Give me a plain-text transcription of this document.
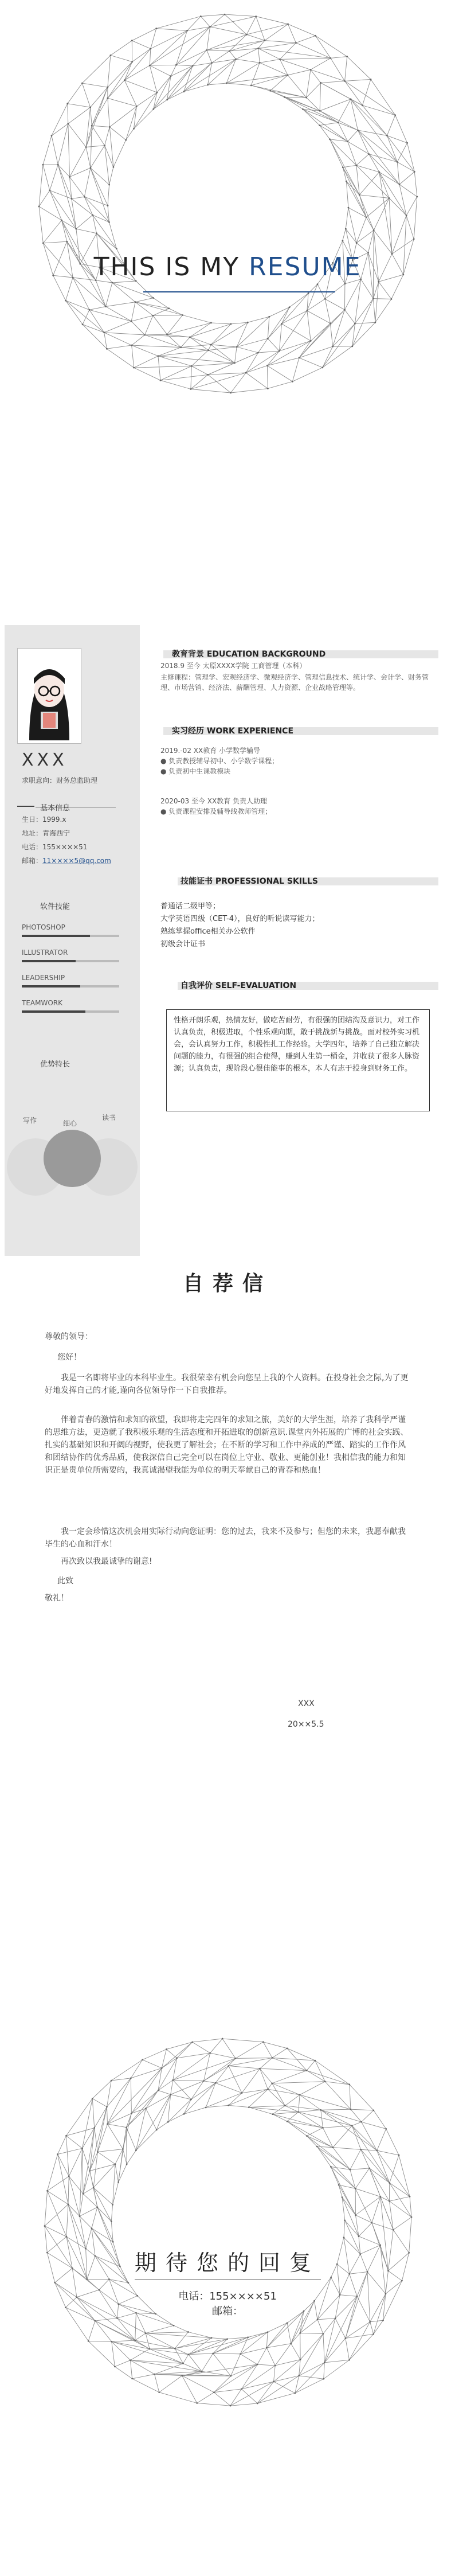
THIS IS MY RESUME
XXX
求职意向：财务总监助理
基本信息
生日：1999.x
地址：青海西宁
电话：155××××51
邮箱：11××××5@qq.com
软件技能
PHOTOSHOP
ILLUSTRATOR
LEADERSHIP
TEAMWORK
优势特长
写作	细心
读书
教育背景 EDUCATION BACKGROUND
2018.9 至今 太原XXXX学院 工商管理（本科）
主修课程：管理学、宏观经济学、微观经济学、管理信息技术、统计学、会计学、财务管理、市场营销、经济法、薪酬管理、人力资源、企业战略管理等。
实习经历 WORK EXPERIENCE
2019.-02 XX教育 小学数学辅导
● 负责教授辅导初中、小学数学课程；
● 负责初中生课教模块
2020-03 至今 XX教育 负责人助理
● 负责课程安排及辅导线教师管理；
技能证书 PROFESSIONAL SKILLS
普通话二级甲等；
大学英语四级（CET-4），良好的听说读写能力；
熟练掌握office相关办公软件
初级会计证书
自我评价 SELF-EVALUATION
性格开朗乐观，热情友好，做吃苦耐劳，有很强的团结沟及意识力，对工作认真负责，积极进取，个性乐观向期，敢于挑战新与挑战。面对校外实习机会，会认真努力工作，积极性扎工作经验。大学四年，培养了自己独立解决问题的能力，有很强的组合使得，赚到人生第一桶金，并收获了很多人脉资源；认真负责，现阶段心很佳能事的根本，本人有志于投身到财务工作。
自荐信
尊敬的领导：
您好！
我是一名即将毕业的本科毕业生。我很荣幸有机会向您呈上我的个人资料。在投身社会之际,为了更好地发挥自己的才能,谨向各位领导作一下自我推荐。
伴着青春的激情和求知的欲望，我即将走完四年的求知之旅，美好的大学生涯，培养了我科学严谨的思维方法，更造就了我积极乐观的生活态度和开拓进取的创新意识.课堂内外拓展的广博的社会实践、扎实的基础知识和开阔的视野，使我更了解社会；在不断的学习和工作中养成的严谨、踏实的工作作风和团结协作的优秀品质，使我深信自己完全可以在岗位上守业、敬业、更能创业！我相信我的能力和知识正是贵单位所需要的，我真诚渴望我能为单位的明天奉献自己的青春和热血！
我一定会珍惜这次机会用实际行动向您证明：您的过去，我来不及参与；但您的未来，我愿奉献我毕生的心血和汗水！
再次致以我最诚挚的谢意!
此致
敬礼！
XXX
20××5.5
期待您的回复
电话：155××××51
邮箱：
